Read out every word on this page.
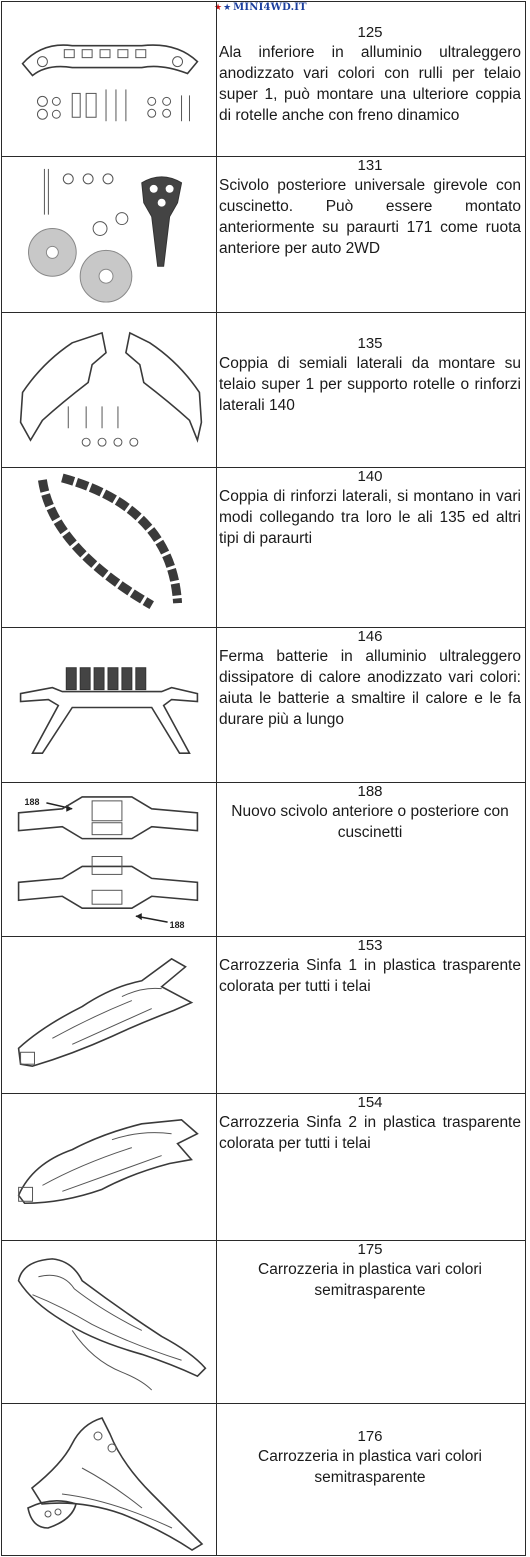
★ ★ MINI4WD.IT
125
Ala inferiore in alluminio ultraleggero anodizzato vari colori con rulli per telaio super 1, può montare una ulteriore coppia di rotelle anche con freno dinamico
131
Scivolo posteriore universale girevole con cuscinetto. Può essere montato anteriormente su paraurti 171 come ruota anteriore per auto 2WD
135
Coppia di semiali laterali da montare su telaio super 1 per supporto rotelle o rinforzi laterali 140
140
Coppia di rinforzi laterali, si montano in vari modi collegando tra loro le ali 135 ed altri tipi di paraurti
146
Ferma batterie in alluminio ultraleggero dissipatore di calore anodizzato vari colori: aiuta le batterie a smaltire il calore e le fa durare più a lungo
188
188
188
Nuovo scivolo anteriore o posteriore con cuscinetti
153
Carrozzeria Sinfa 1 in plastica trasparente colorata per tutti i telai
154
Carrozzeria Sinfa 2 in plastica trasparente colorata per tutti i telai
175
Carrozzeria in plastica vari colori semitrasparente
176
Carrozzeria in plastica vari colori semitrasparente
